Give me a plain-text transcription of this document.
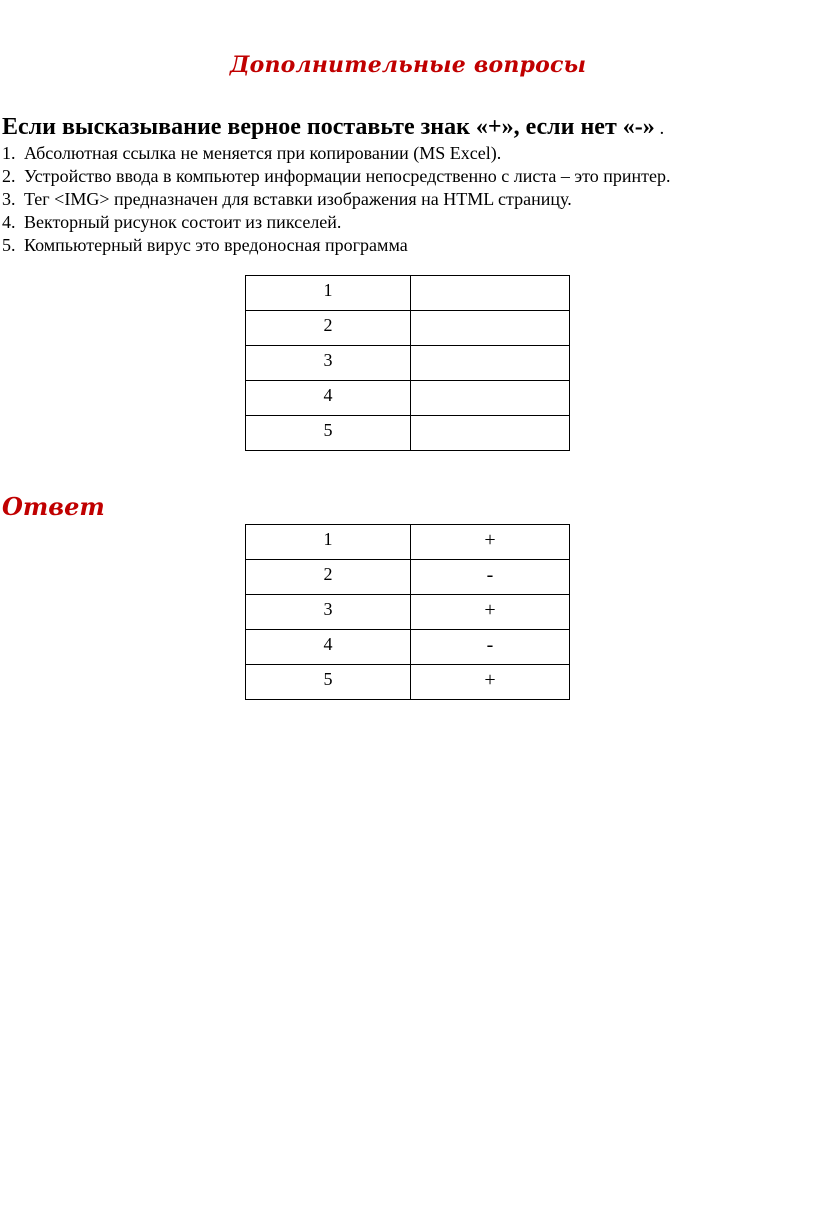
Дополнительные вопросы
Если высказывание верное поставьте знак «+», если нет «-» .
1. Абсолютная ссылка не меняется при копировании (MS Excel).
2. Устройство ввода в компьютер информации непосредственно с листа – это принтер.
3. Тег <IMG> предназначен для вставки изображения на HTML страницу.
4. Векторный рисунок состоит из пикселей.
5. Компьютерный вирус это вредоносная программа
1	
2	
3	
4	
5	
Ответ
1	+
2	-
3	+
4	-
5	+
